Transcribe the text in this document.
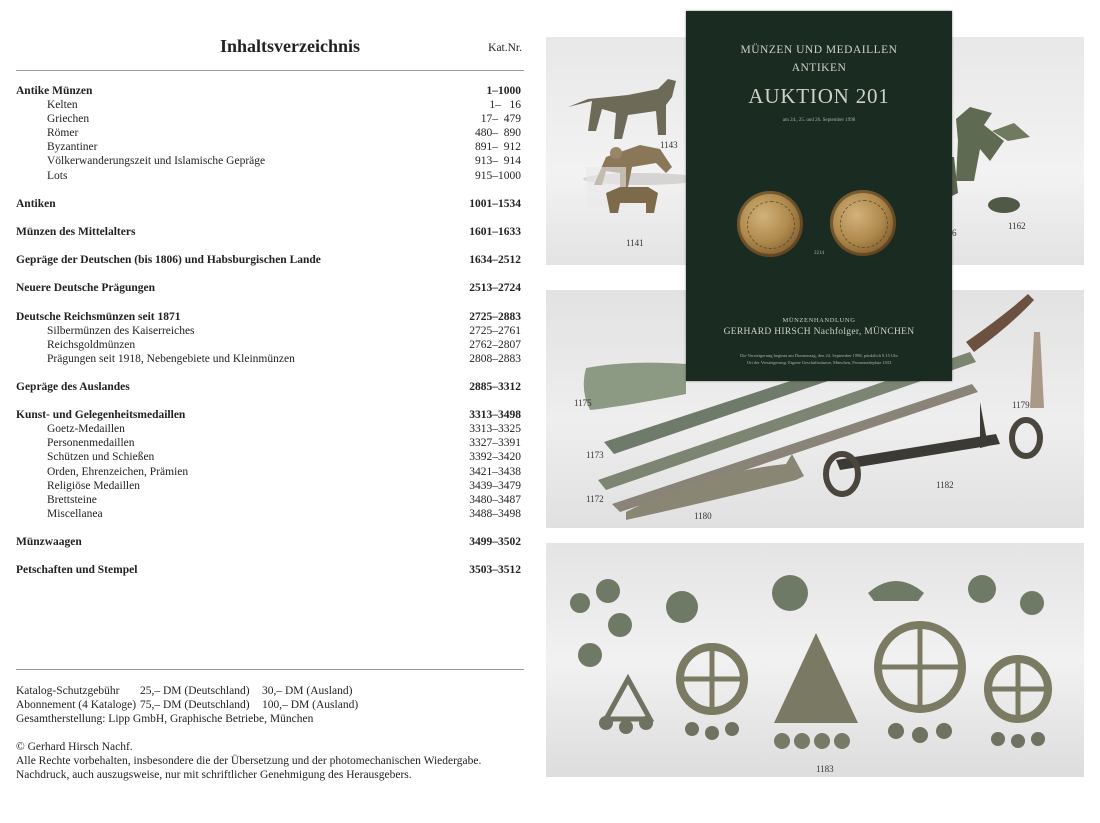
Inhaltsverzeichnis	Kat.Nr.
Antike Münzen	1–1000
Kelten	1–   16
Griechen	17–  479
Römer	480–  890
Byzantiner	891–  912
Völkerwanderungszeit und Islamische Gepräge	913–  914
Lots	915–1000
Antiken	1001–1534
Münzen des Mittelalters	1601–1633
Gepräge der Deutschen (bis 1806) und Habsburgischen Lande	1634–2512
Neuere Deutsche Prägungen	2513–2724
Deutsche Reichsmünzen seit 1871	2725–2883
Silbermünzen des Kaiserreiches	2725–2761
Reichsgoldmünzen	2762–2807
Prägungen seit 1918, Nebengebiete und Kleinmünzen	2808–2883
Gepräge des Auslandes	2885–3312
Kunst- und Gelegenheitsmedaillen	3313–3498
Goetz-Medaillen	3313–3325
Personenmedaillen	3327–3391
Schützen und Schießen	3392–3420
Orden, Ehrenzeichen, Prämien	3421–3438
Religiöse Medaillen	3439–3479
Brettsteine	3480–3487
Miscellanea	3488–3498
Münzwaagen	3499–3502
Petschaften und Stempel	3503–3512
Katalog-Schutzgebühr 25,– DM (Deutschland) 30,– DM (Ausland)
Abonnement (4 Kataloge) 75,– DM (Deutschland) 100,– DM (Ausland)
Gesamtherstellung: Lipp GmbH, Graphische Betriebe, München
© Gerhard Hirsch Nachf.
Alle Rechte vorbehalten, insbesondere die der Übersetzung und der photomechanischen Wiedergabe.
Nachdruck, auch auszugsweise, nur mit schriftlicher Genehmigung des Herausgebers.
1143
1141
6
1162
1175
1173
1172
1180
1182
1179
1183
MÜNZEN UND MEDAILLEN
ANTIKEN
AUKTION 201
am 24., 25. und 26. September 1998
2214
MÜNZENHANDLUNG
GERHARD HIRSCH Nachfolger, MÜNCHEN
Die Versteigerung beginnt am Donnerstag, den 24. September 1998, pünktlich 9.15 Uhr
Ort der Versteigerung: Eigene Geschäftsräume, München, Promenadeplatz 10/II
